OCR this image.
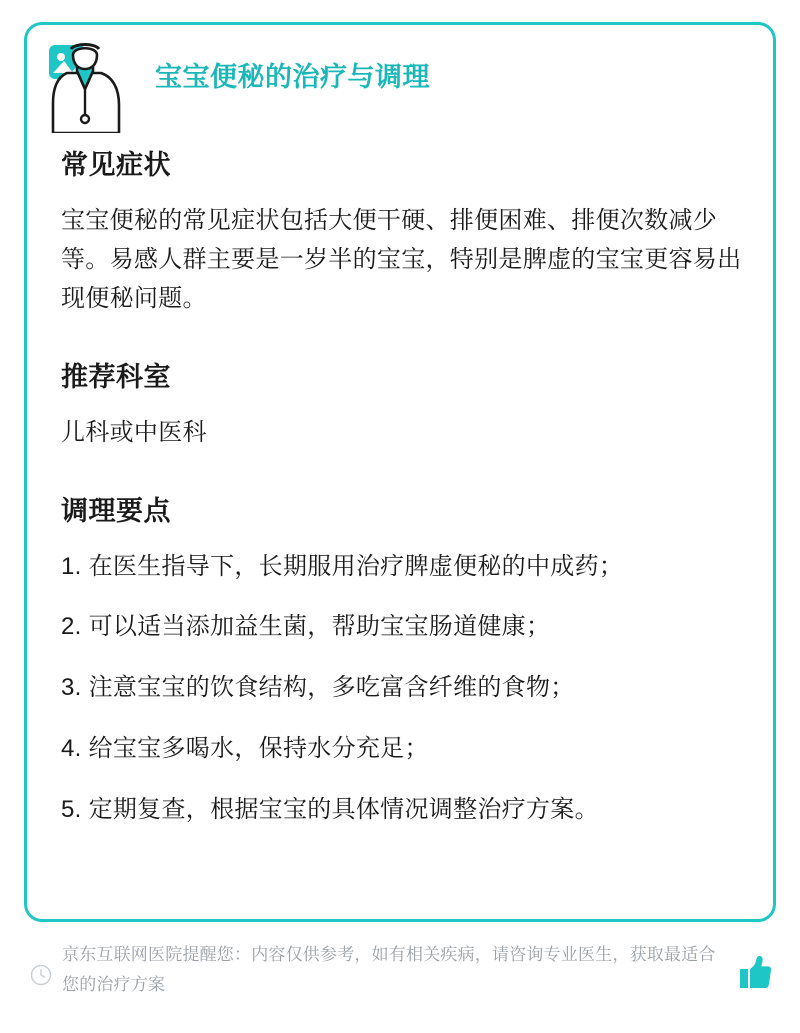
宝宝便秘的治疗与调理
常见症状

宝宝便秘的常见症状包括大便干硬、排便困难、排便次数减少等。易感人群主要是一岁半的宝宝，特别是脾虚的宝宝更容易出现便秘问题。

推荐科室

儿科或中医科

调理要点
1. 在医生指导下，长期服用治疗脾虚便秘的中成药；
2. 可以适当添加益生菌，帮助宝宝肠道健康；
3. 注意宝宝的饮食结构，多吃富含纤维的食物；
4. 给宝宝多喝水，保持水分充足；
5. 定期复查，根据宝宝的具体情况调整治疗方案。
京东互联网医院提醒您：内容仅供参考，如有相关疾病，请咨询专业医生，获取最适合您的治疗方案
